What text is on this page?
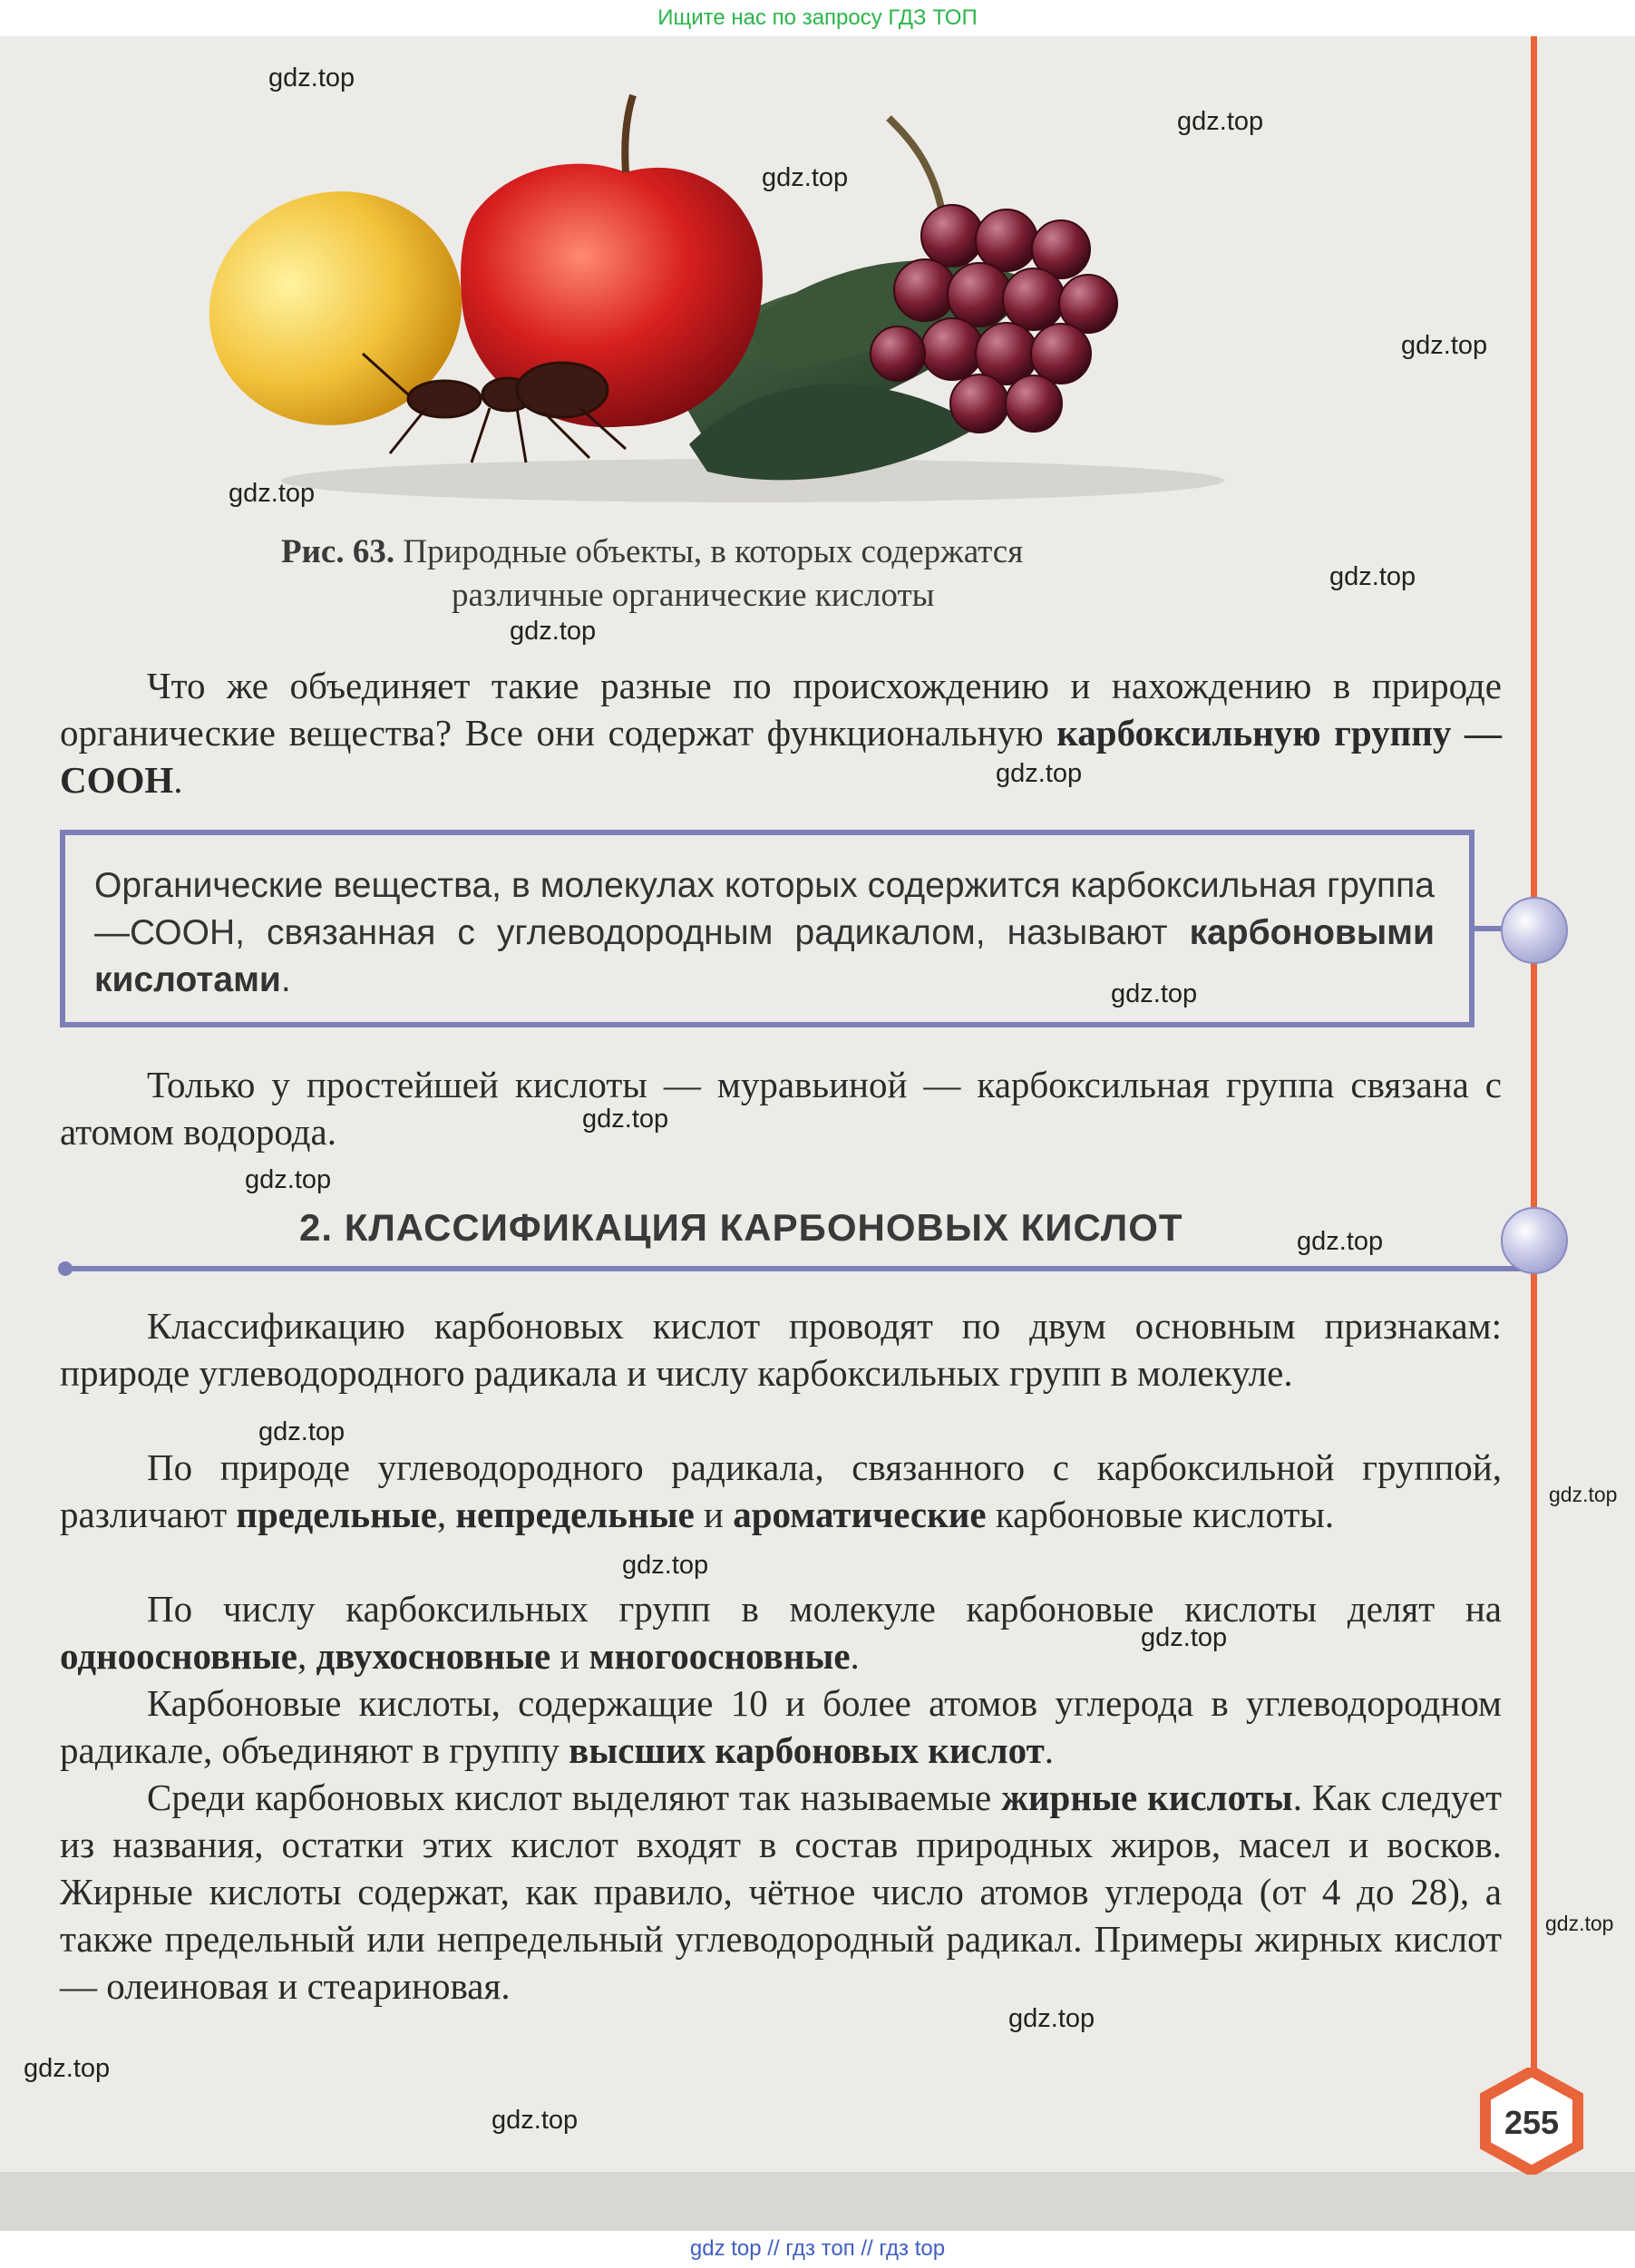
Ищите нас по запросу ГДЗ ТОП
Рис. 63. Природные объекты, в которых содержатся
различные органические кислоты
Что же объединяет такие разные по происхождению и нахождению в природе органические вещества? Все они содержат функциональную карбоксильную группу —СООН.
Органические вещества, в молекулах которых содержится карбоксильная группа —СООН, связанная с углеводородным радикалом, называют карбоновыми кислотами.
Только у простейшей кислоты — муравьиной — карбоксильная группа связана с атомом водорода.
2. КЛАССИФИКАЦИЯ КАРБОНОВЫХ КИСЛОТ
Классификацию карбоновых кислот проводят по двум основным признакам: природе углеводородного радикала и числу карбоксильных групп в молекуле.
По природе углеводородного радикала, связанного с карбоксильной группой, различают предельные, непредельные и ароматические карбоновые кислоты.
По числу карбоксильных групп в молекуле карбоновые кислоты делят на одноосновные, двухосновные и многоосновные.
Карбоновые кислоты, содержащие 10 и более атомов углерода в углеводородном радикале, объединяют в группу высших карбоновых кислот.
Среди карбоновых кислот выделяют так называемые жирные кислоты. Как следует из названия, остатки этих кислот входят в состав природных жиров, масел и восков. Жирные кислоты содержат, как правило, чётное число атомов углерода (от 4 до 28), а также предельный или непредельный углеводородный радикал. Примеры жирных кислот — олеиновая и стеариновая.
255
gdz.top
gdz.top
gdz.top
gdz.top
gdz.top
gdz.top
gdz.top
gdz.top
gdz.top
gdz.top
gdz.top
gdz.top
gdz.top
gdz.top
gdz.top
gdz.top
gdz.top
gdz.top
gdz.top
gdz.top
gdz top // гдз топ // гдз top
